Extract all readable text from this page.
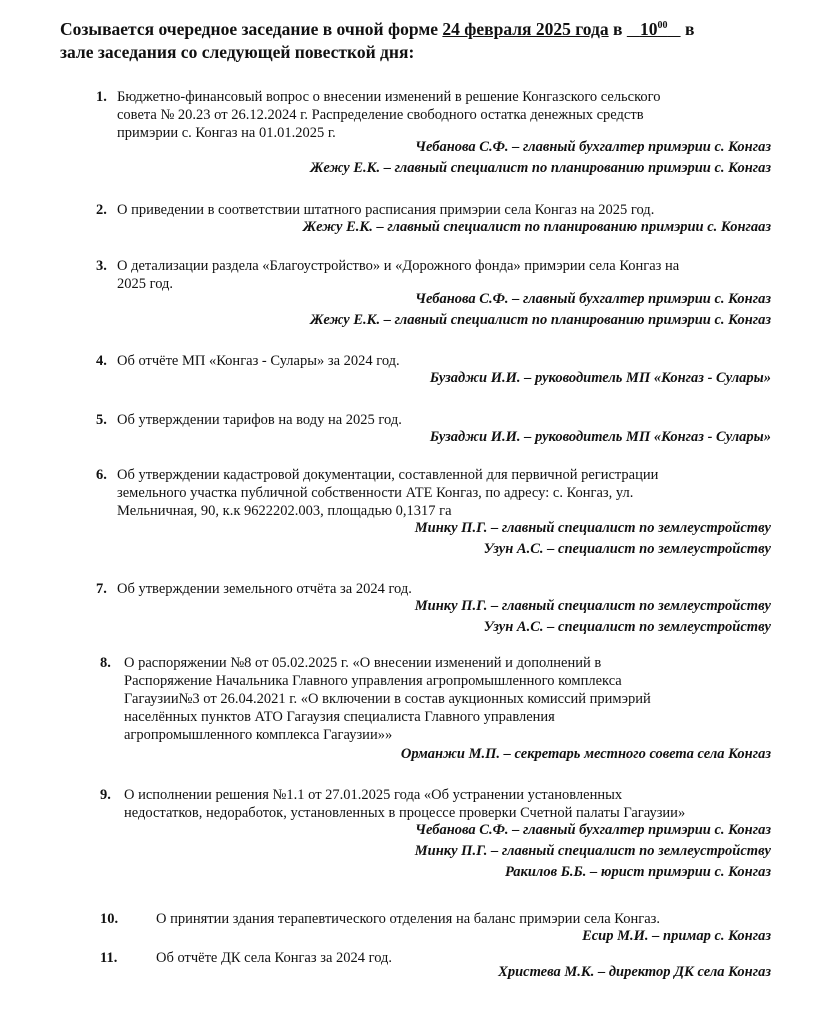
Созывается очередное заседание в очной форме 24 февраля 2025 года в    $10^{00}$    в
зале заседания со следующей повесткой дня:
1. Бюджетно-финансовый вопрос о внесении изменений в решение Конгазского сельского
совета № 20.23 от 26.12.2024 г. Распределение свободного остатка денежных средств
примэрии с. Конгаз на 01.01.2025 г.
Чебанова С.Ф. – главный бухгалтер примэрии с. Конгаз
Жежу Е.К. – главный специалист по планированию примэрии с. Конгаз
2. О приведении в соответствии штатного расписания примэрии села Конгаз на 2025 год.
Жежу Е.К. – главный специалист по планированию примэрии с. Конгааз
3. О детализации раздела «Благоустройство» и «Дорожного фонда» примэрии села Конгаз на
2025 год.
Чебанова С.Ф. – главный бухгалтер примэрии с. Конгаз
Жежу Е.К. – главный специалист по планированию примэрии с. Конгаз
4. Об отчёте МП «Конгаз - Сулары» за 2024 год.
Бузаджи И.И. – руководитель МП «Конгаз - Сулары»
5. Об утверждении тарифов на воду на 2025 год.
Бузаджи И.И. – руководитель МП «Конгаз - Сулары»
6. Об утверждении кадастровой документации, составленной для первичной регистрации
земельного участка публичной собственности АТЕ Конгаз, по адресу: с. Конгаз, ул.
Мельничная, 90, к.к 9622202.003, площадью 0,1317 га
Минку П.Г. – главный специалист по землеустройству
Узун А.С. – специалист по землеустройству
7. Об утверждении земельного отчёта за 2024 год.
Минку П.Г. – главный специалист по землеустройству
Узун А.С. – специалист по землеустройству
8. О распоряжении №8 от 05.02.2025 г. «О внесении изменений и дополнений в
Распоряжение Начальника Главного управления агропромышленного комплекса
Гагаузии№3 от 26.04.2021 г. «О включении в состав аукционных комиссий примэрий
населённых пунктов АТО Гагаузия специалиста Главного управления
агропромышленного комплекса Гагаузии»»
Орманжи М.П. – секретарь местного совета села Конгаз
9. О исполнении решения №1.1 от 27.01.2025 года «Об устранении установленных
недостатков, недоработок, установленных в процессе проверки Счетной палаты Гагаузии»
Чебанова С.Ф. – главный бухгалтер примэрии с. Конгаз
Минку П.Г. – главный специалист по землеустройству
Ракилов Б.Б. – юрист примэрии с. Конгаз
10.	О принятии здания терапевтического отделения на баланс примэрии села Конгаз.
Есир М.И. – примар с. Конгаз
11.	Об отчёте ДК села Конгаз за 2024 год.
Христева М.К. – директор ДК села Конгаз
